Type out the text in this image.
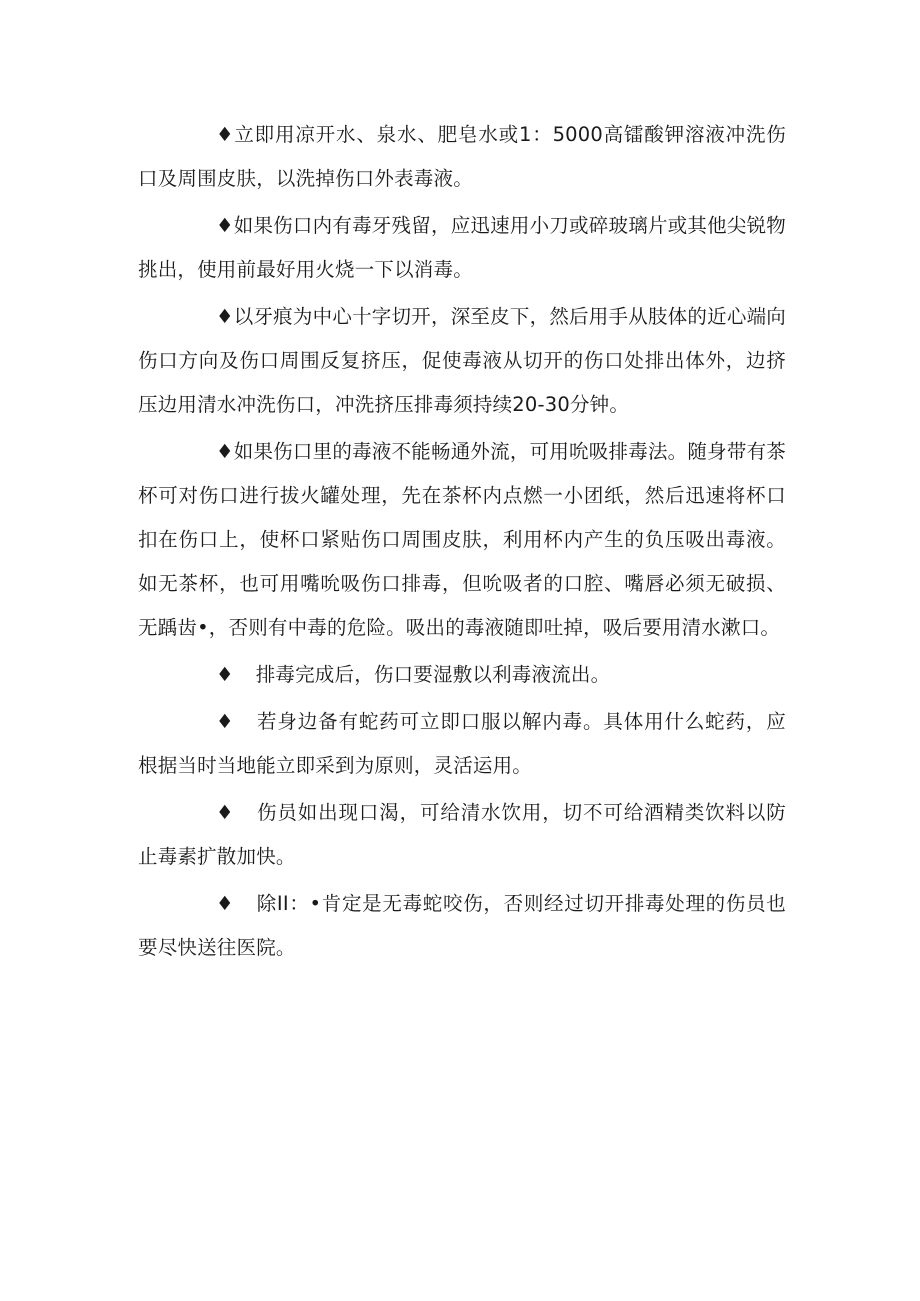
♦立即用凉开水、泉水、肥皂水或1：5000高镭酸钾溶液冲洗伤口及周围皮肤，以洗掉伤口外表毒液。

♦如果伤口内有毒牙残留，应迅速用小刀或碎玻璃片或其他尖锐物挑出，使用前最好用火烧一下以消毒。

♦以牙痕为中心十字切开，深至皮下，然后用手从肢体的近心端向伤口方向及伤口周围反复挤压，促使毒液从切开的伤口处排出体外，边挤压边用清水冲洗伤口，冲洗挤压排毒须持续20-30分钟。

♦如果伤口里的毒液不能畅通外流，可用吮吸排毒法。随身带有茶杯可对伤口进行拔火罐处理，先在茶杯内点燃一小团纸，然后迅速将杯口扣在伤口上，使杯口紧贴伤口周围皮肤，利用杯内产生的负压吸出毒液。如无茶杯，也可用嘴吮吸伤口排毒，但吮吸者的口腔、嘴唇必须无破损、无踽齿•，否则有中毒的危险。吸出的毒液随即吐掉，吸后要用清水漱口。

♦ 排毒完成后，伤口要湿敷以利毒液流出。

♦ 若身边备有蛇药可立即口服以解内毒。具体用什么蛇药，应根据当时当地能立即采到为原则，灵活运用。

♦ 伤员如出现口渴，可给清水饮用，切不可给酒精类饮料以防止毒素扩散加快。

♦ 除II：•肯定是无毒蛇咬伤，否则经过切开排毒处理的伤员也要尽快送往医院。
